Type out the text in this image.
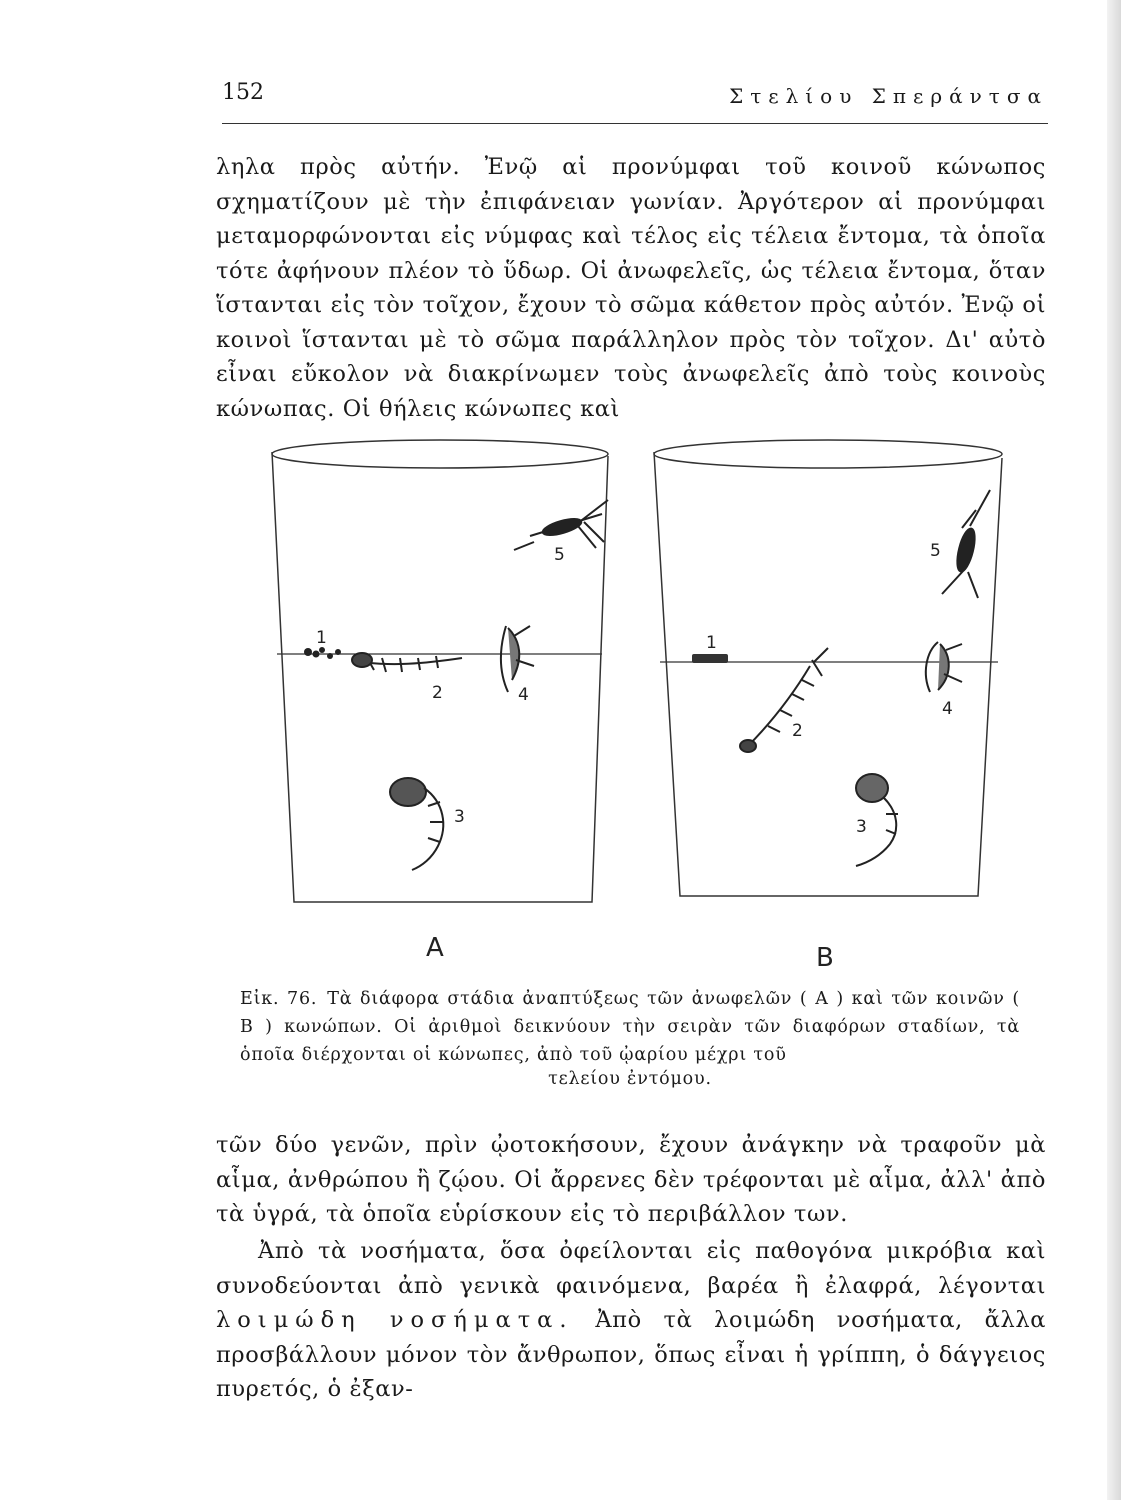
152	Στελίου Σπεράντσα

ληλα πρὸς αὐτήν. Ἐνῷ αἱ προνύμφαι τοῦ κοινοῦ κώνωπος σχηματίζουν μὲ τὴν ἐπιφάνειαν γωνίαν. Ἀργότερον αἱ προνύμφαι μεταμορφώνονται εἰς νύμφας καὶ τέλος εἰς τέλεια ἔντομα, τὰ ὁποῖα τότε ἀφήνουν πλέον τὸ ὕδωρ. Οἱ ἀνωφελεῖς, ὡς τέλεια ἔντομα, ὅταν ἵστανται εἰς τὸν τοῖχον, ἔχουν τὸ σῶμα κάθετον πρὸς αὐτόν. Ἐνῷ οἱ κοινοὶ ἵστανται μὲ τὸ σῶμα παράλληλον πρὸς τὸν τοῖχον. Δι' αὐτὸ εἶναι εὔκολον νὰ διακρίνωμεν τοὺς ἀνωφελεῖς ἀπὸ τοὺς κοινοὺς κώνωπας. Οἱ θήλεις κώνωπες καὶ

1
2
3
4
5
1
2
3
4
5
A	B
Εἰκ. 76. Τὰ διάφορα στάδια ἀναπτύξεως τῶν ἀνωφελῶν ( Α ) καὶ τῶν κοινῶν ( Β ) κωνώπων. Οἱ ἀριθμοὶ δεικνύουν τὴν σειρὰν τῶν διαφόρων σταδίων, τὰ ὁποῖα διέρχονται οἱ κώνωπες, ἀπὸ τοῦ ᾠαρίου μέχρι τοῦ
τελείου ἐντόμου.

τῶν δύο γενῶν, πρὶν ᾠοτοκήσουν, ἔχουν ἀνάγκην νὰ τραφοῦν μὰ αἷμα, ἀνθρώπου ἢ ζῴου. Οἱ ἄρρενες δὲν τρέφονται μὲ αἷμα, ἀλλ' ἀπὸ τὰ ὑγρά, τὰ ὁποῖα εὑρίσκουν εἰς τὸ περιβάλλον των.

Ἀπὸ τὰ νοσήματα, ὅσα ὀφείλονται εἰς παθογόνα μικρόβια καὶ συνοδεύονται ἀπὸ γενικὰ φαινόμενα, βαρέα ἢ ἐλαφρά, λέγονται λοιμώδη νοσήματα. Ἀπὸ τὰ λοιμώδη νοσήματα, ἄλλα προσβάλλουν μόνον τὸν ἄνθρωπον, ὅπως εἶναι ἡ γρίππη, ὁ δάγγειος πυρετός, ὁ ἐξαν-
